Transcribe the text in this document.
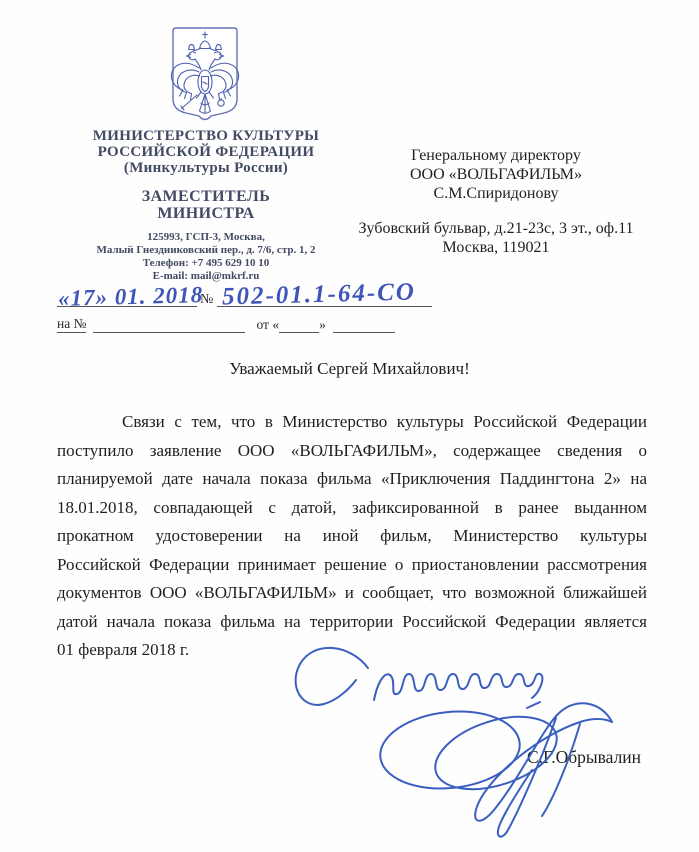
МИНИСТЕРСТВО КУЛЬТУРЫ
РОССИЙСКОЙ ФЕДЕРАЦИИ
(Минкультуры России)
ЗАМЕСТИТЕЛЬ
МИНИСТРА
125993, ГСП-3, Москва,
Малый Гнездниковский пер., д. 7/6, стр. 1, 2
Телефон: +7 495 629 10 10
E-mail: mail@mkrf.ru
Генеральному директору
ООО «ВОЛЬГАФИЛЬМ»
С.М.Спиридонову
Зубовский бульвар, д.21-23с, 3 эт., оф.11
Москва, 119021
«17» 01. 2018
№ 502-01.1-64-СО
на №	от «	»
Уважаемый Сергей Михайлович!
Связи с тем, что в Министерство культуры Российской Федерации
поступило заявление ООО «ВОЛЬГАФИЛЬМ», содержащее сведения о
планируемой дате начала показа фильма «Приключения Паддингтона 2» на
18.01.2018, совпадающей с датой, зафиксированной в ранее выданном
прокатном удостоверении на иной фильм, Министерство культуры
Российской Федерации принимает решение о приостановлении рассмотрения
документов ООО «ВОЛЬГАФИЛЬМ» и сообщает, что возможной ближайшей
датой начала показа фильма на территории Российской Федерации является
01 февраля 2018 г.
С.Г.Обрывалин
